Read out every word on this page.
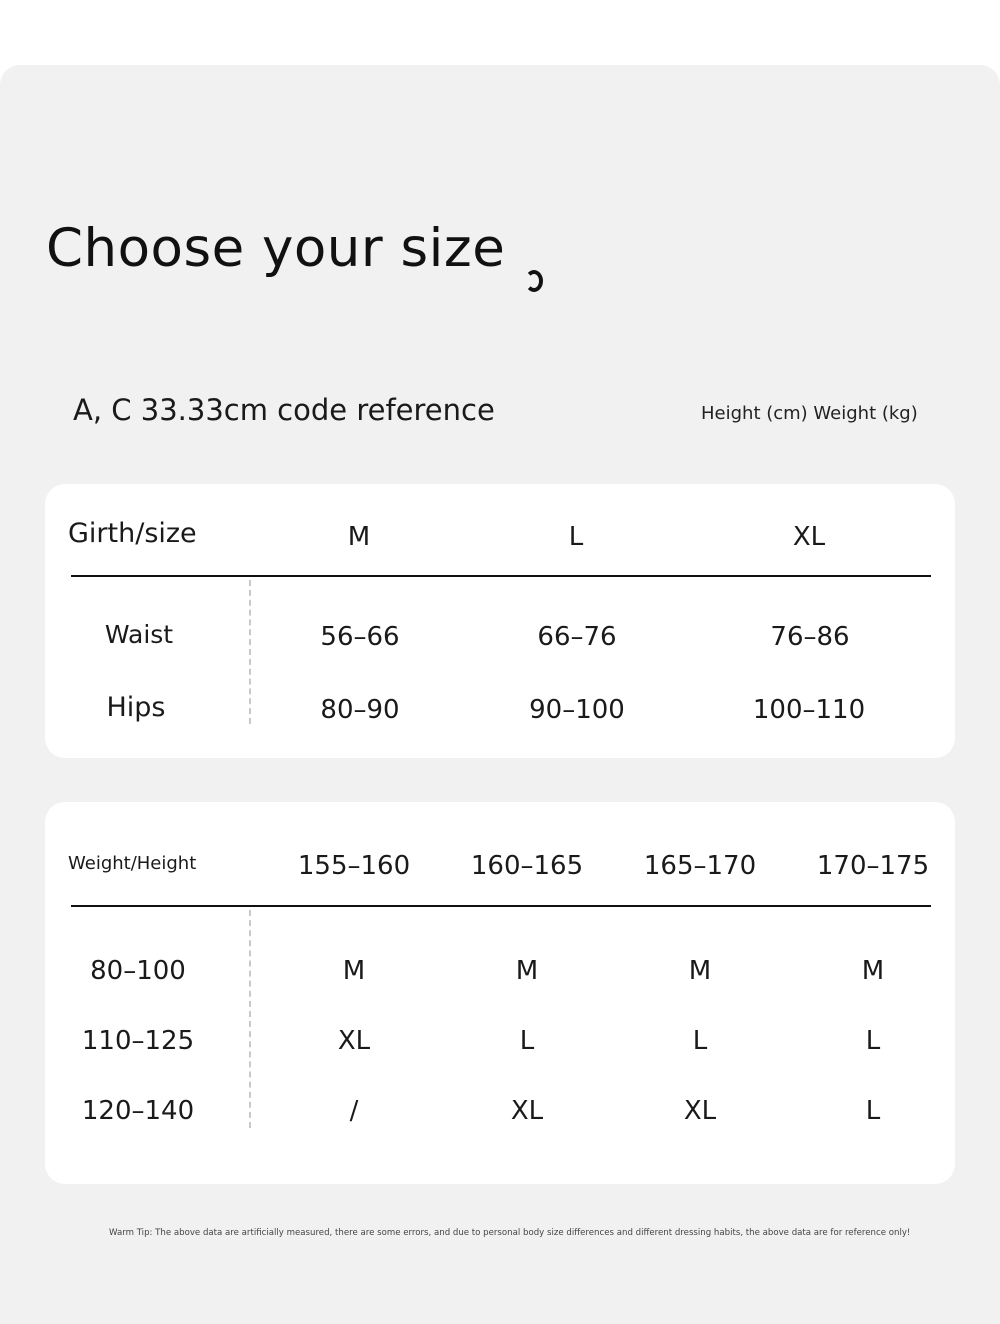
Choose your size
A, C 33.33cm code reference	Height (cm) Weight (kg)
Girth/size	M	L	XL
Waist	56–66	66–76	76–86
Hips	80–90	90–100	100–110
Weight/Height	155–160 160–165 165–170 170–175
80–100	M	M	M	M
110–125	XL	L	L	L
120–140	/	XL	XL	L
Warm Tip: The above data are artificially measured, there are some errors, and due to personal body size differences and different dressing habits, the above data are for reference only!
